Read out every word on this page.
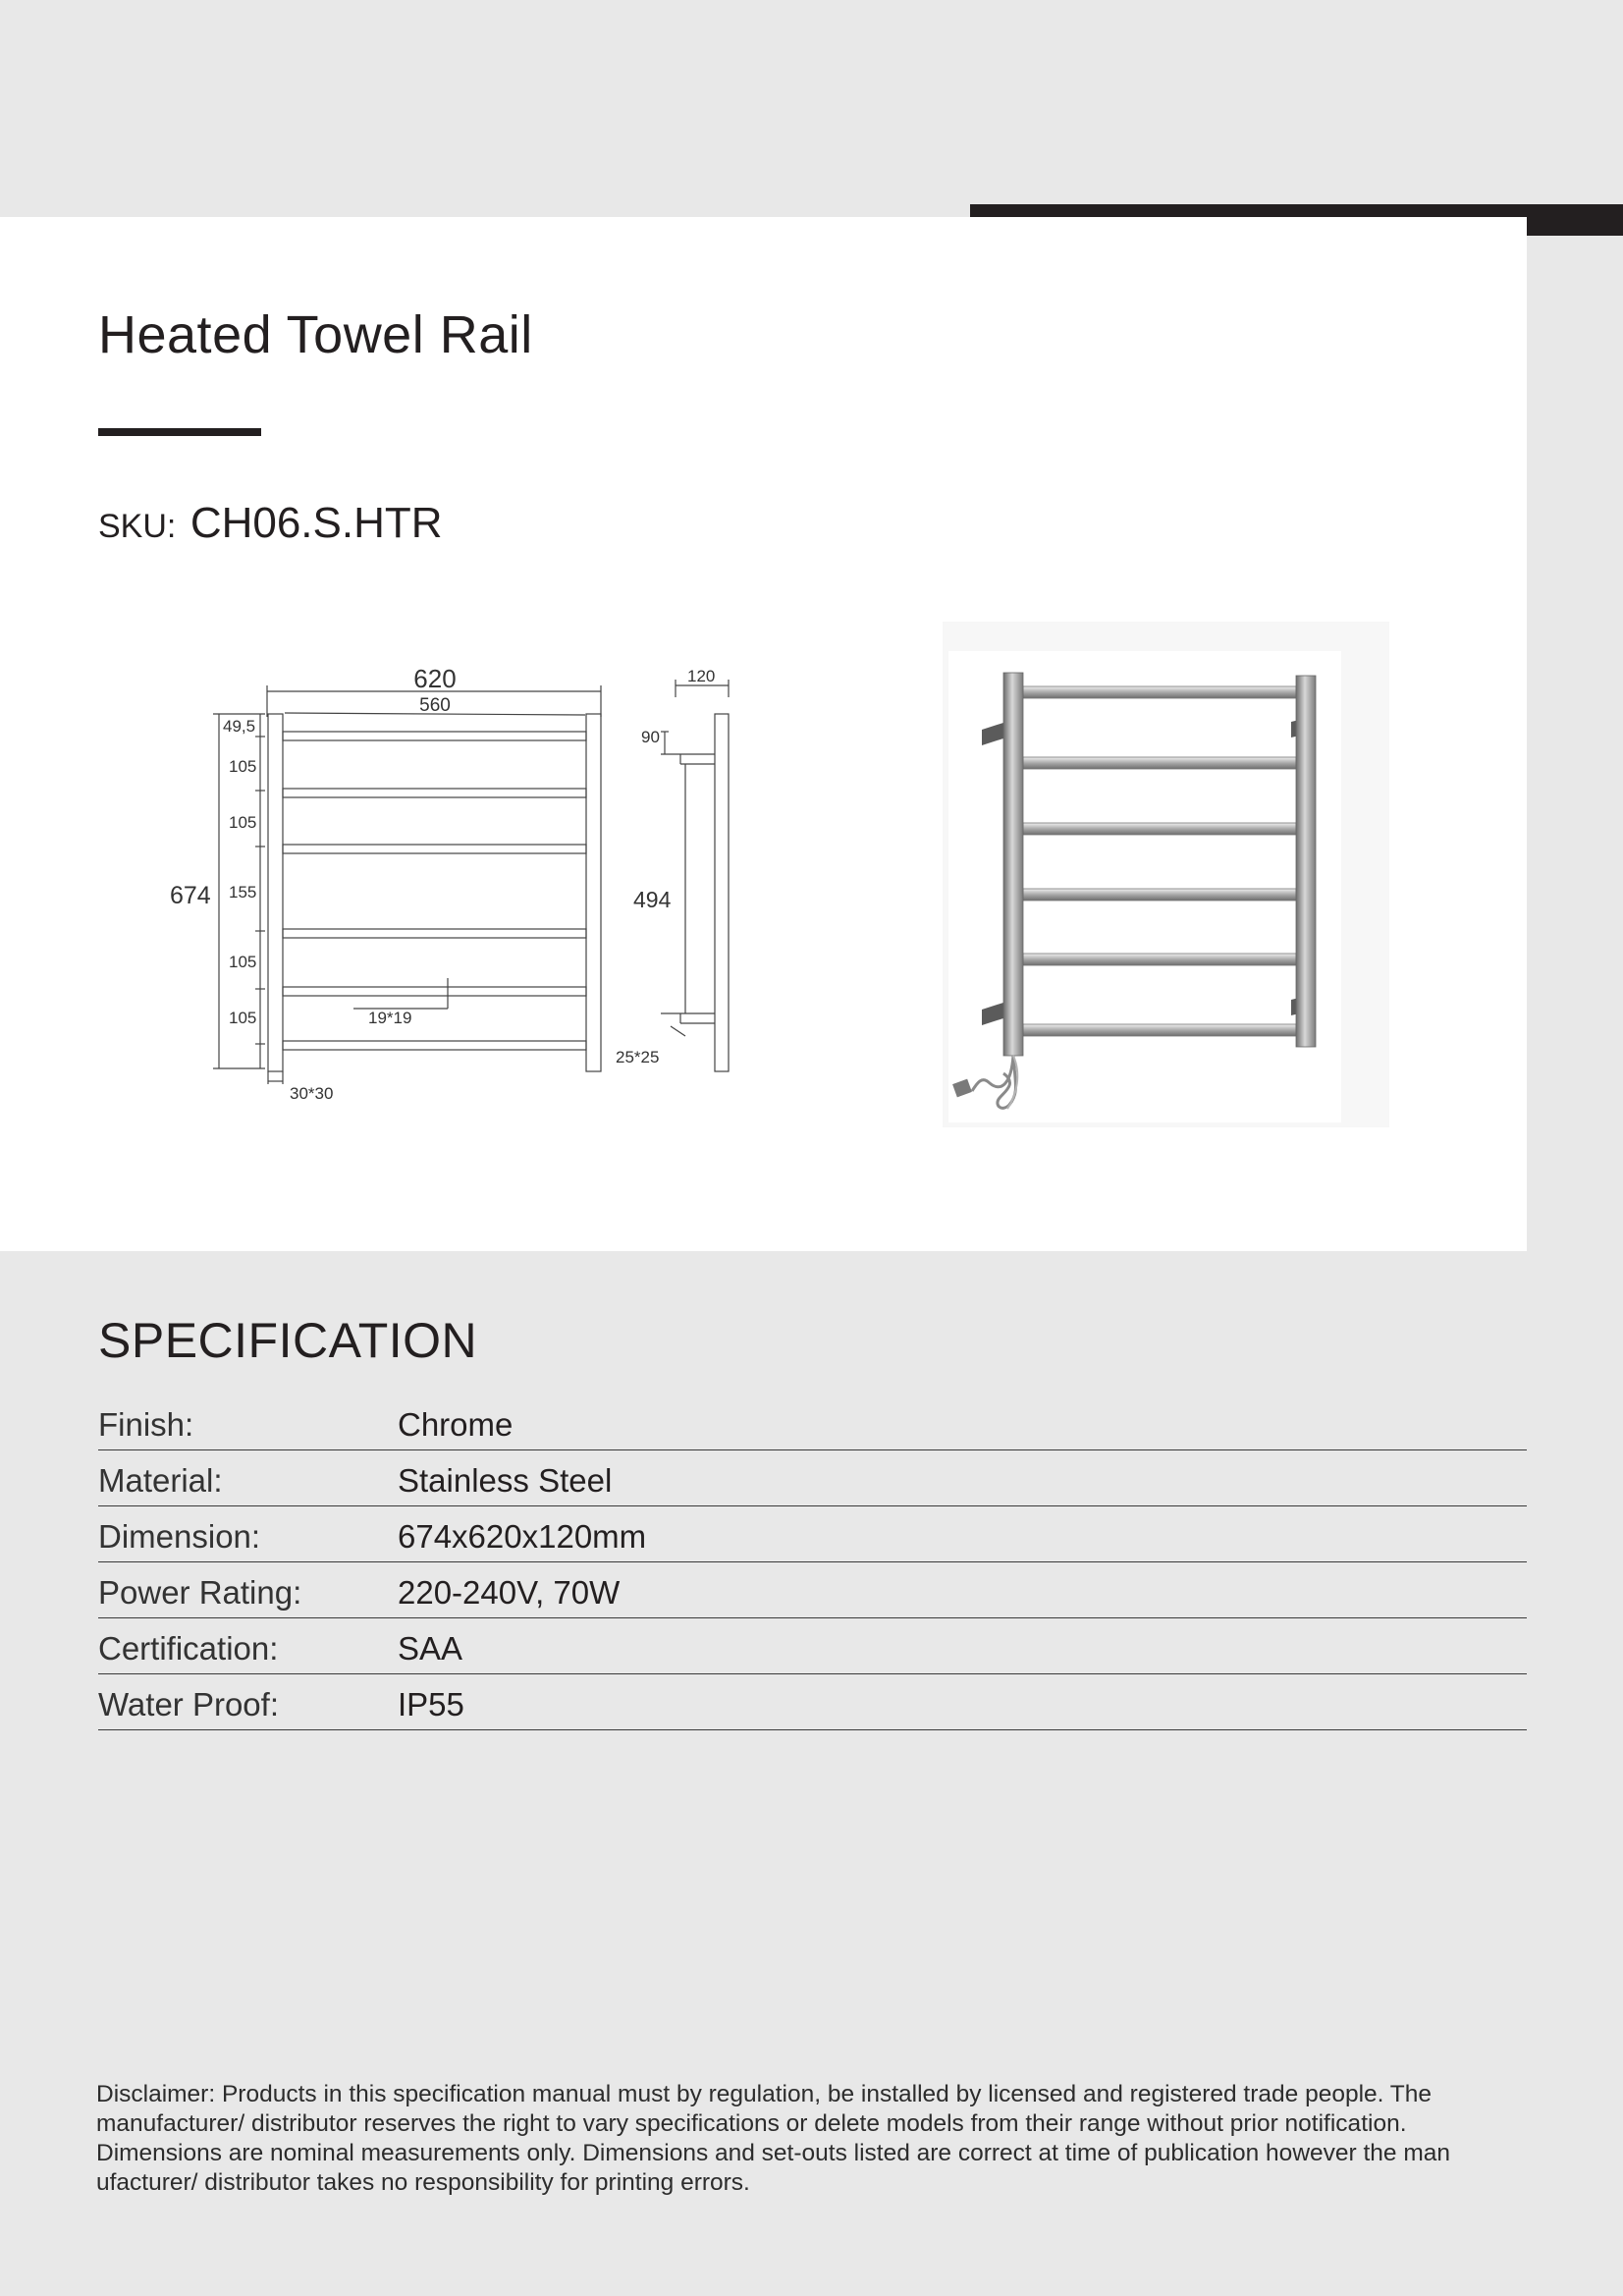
Heated Towel Rail
SKU: CH06.S.HTR
620
560
674
49,5
105
105
155
105
105	19*19
30*30
120
90
494
25*25
SPECIFICATION
Finish:	Chrome
Material:	Stainless Steel
Dimension:	674x620x120mm
Power Rating:	220-240V, 70W
Certification:	SAA
Water Proof:	IP55

Disclaimer: Products in this specification manual must by regulation, be installed by licensed and registered trade people. The manufacturer/ distributor reserves the right to vary specifications or delete models from their range without prior notification. Dimensions are nominal measurements only. Dimensions and set-outs listed are correct at time of publication however the man ufacturer/ distributor takes no responsibility for printing errors.
